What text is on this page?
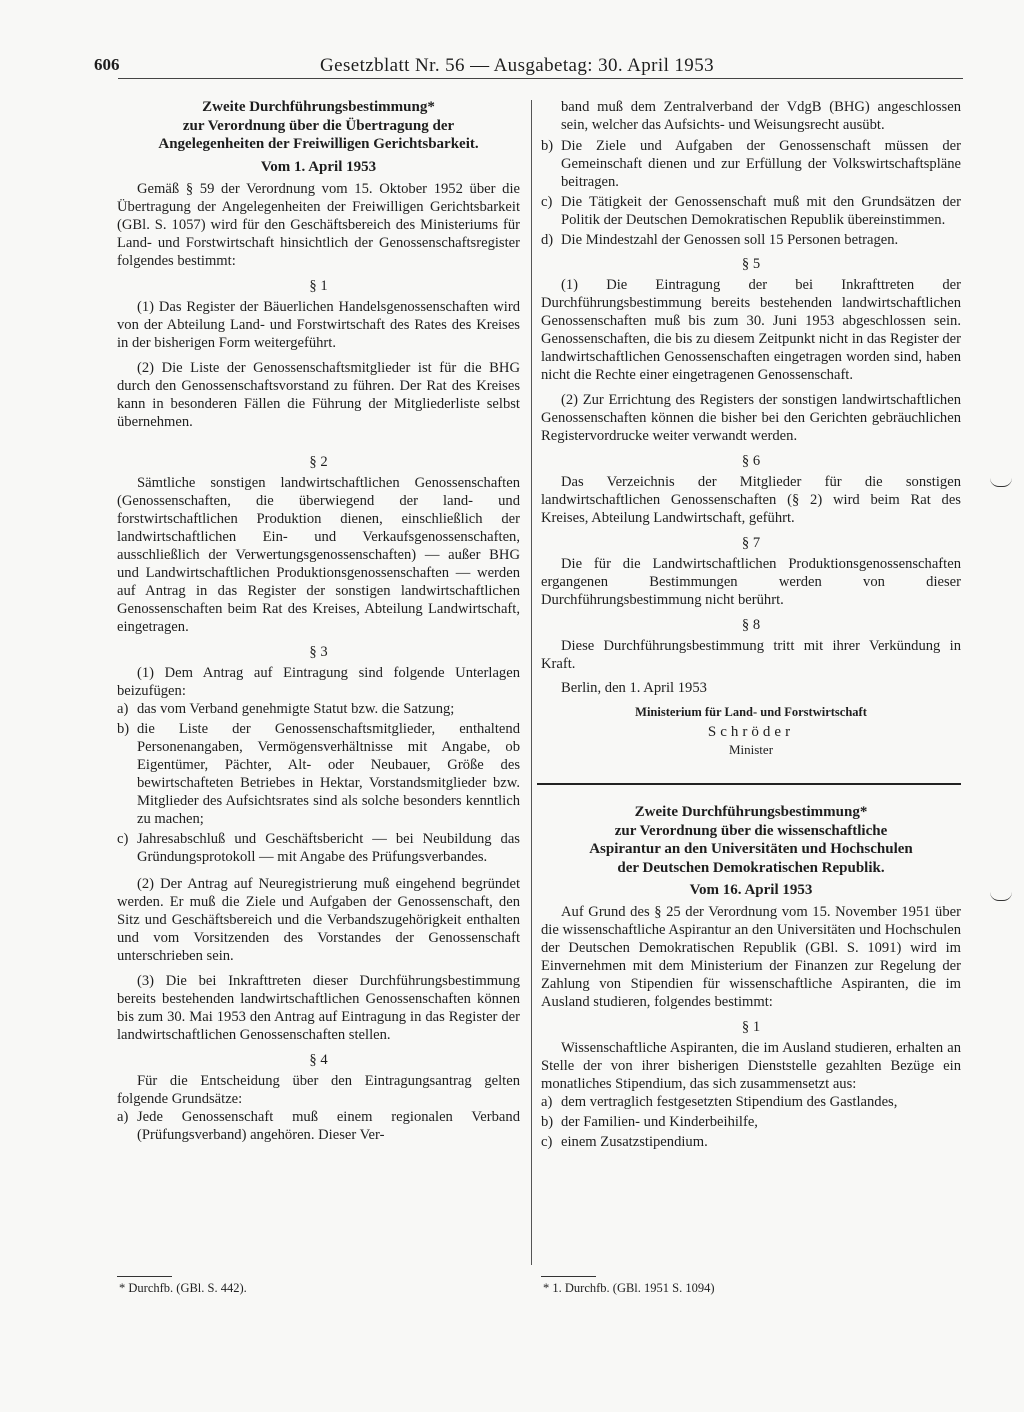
606	Gesetzblatt Nr. 56 — Ausgabetag: 30. April 1953
Zweite Durchführungsbestimmung*
zur Verordnung über die Übertragung der
Angelegenheiten der Freiwilligen Gerichtsbarkeit.
Vom 1. April 1953

Gemäß § 59 der Verordnung vom 15. Oktober 1952 über die Übertragung der Angelegenheiten der Freiwilligen Gerichtsbarkeit (GBl. S. 1057) wird für den Geschäftsbereich des Ministeriums für Land- und Forstwirtschaft hinsichtlich der Genossenschaftsregister folgendes bestimmt:

§ 1

(1) Das Register der Bäuerlichen Handelsgenossenschaften wird von der Abteilung Land- und Forstwirtschaft des Rates des Kreises in der bisherigen Form weitergeführt.

(2) Die Liste der Genossenschaftsmitglieder ist für die BHG durch den Genossenschaftsvorstand zu führen. Der Rat des Kreises kann in besonderen Fällen die Führung der Mitgliederliste selbst übernehmen.

§ 2

Sämtliche sonstigen landwirtschaftlichen Genossenschaften (Genossenschaften, die überwiegend der land- und forstwirtschaftlichen Produktion dienen, einschließlich der landwirtschaftlichen Ein- und Verkaufsgenossenschaften, ausschließlich der Verwertungsgenossenschaften) — außer BHG und Landwirtschaftlichen Produktionsgenossenschaften — werden auf Antrag in das Register der sonstigen landwirtschaftlichen Genossenschaften beim Rat des Kreises, Abteilung Landwirtschaft, eingetragen.

§ 3

(1) Dem Antrag auf Eintragung sind folgende Unterlagen beizufügen:

a) das vom Verband genehmigte Statut bzw. die Satzung;
b) die Liste der Genossenschaftsmitglieder, enthaltend Personenangaben, Vermögensverhältnisse mit Angabe, ob Eigentümer, Pächter, Alt- oder Neubauer, Größe des bewirtschafteten Betriebes in Hektar, Vorstandsmitglieder bzw. Mitglieder des Aufsichtsrates sind als solche besonders kenntlich zu machen;
c) Jahresabschluß und Geschäftsbericht — bei Neubildung das Gründungsprotokoll — mit Angabe des Prüfungsverbandes.

(2) Der Antrag auf Neuregistrierung muß eingehend begründet werden. Er muß die Ziele und Aufgaben der Genossenschaft, den Sitz und Geschäftsbereich und die Verbandszugehörigkeit enthalten und vom Vorsitzenden des Vorstandes der Genossenschaft unterschrieben sein.

(3) Die bei Inkrafttreten dieser Durchführungsbestimmung bereits bestehenden landwirtschaftlichen Genossenschaften können bis zum 30. Mai 1953 den Antrag auf Eintragung in das Register der landwirtschaftlichen Genossenschaften stellen.

§ 4

Für die Entscheidung über den Eintragungsantrag gelten folgende Grundsätze:

a) Jede Genossenschaft muß einem regionalen Verband (Prüfungsverband) angehören. Dieser Ver-
* Durchfb. (GBl. S. 442).
band muß dem Zentralverband der VdgB (BHG) angeschlossen sein, welcher das Aufsichts- und Weisungsrecht ausübt.
b) Die Ziele und Aufgaben der Genossenschaft müssen der Gemeinschaft dienen und zur Erfüllung der Volkswirtschaftspläne beitragen.
c) Die Tätigkeit der Genossenschaft muß mit den Grundsätzen der Politik der Deutschen Demokratischen Republik übereinstimmen.
d) Die Mindestzahl der Genossen soll 15 Personen betragen.
§ 5

(1) Die Eintragung der bei Inkrafttreten der Durchführungsbestimmung bereits bestehenden landwirtschaftlichen Genossenschaften muß bis zum 30. Juni 1953 abgeschlossen sein. Genossenschaften, die bis zu diesem Zeitpunkt nicht in das Register der landwirtschaftlichen Genossenschaften eingetragen worden sind, haben nicht die Rechte einer eingetragenen Genossenschaft.

(2) Zur Errichtung des Registers der sonstigen landwirtschaftlichen Genossenschaften können die bisher bei den Gerichten gebräuchlichen Registervordrucke weiter verwandt werden.

§ 6

Das Verzeichnis der Mitglieder für die sonstigen landwirtschaftlichen Genossenschaften (§ 2) wird beim Rat des Kreises, Abteilung Landwirtschaft, geführt.

§ 7

Die für die Landwirtschaftlichen Produktionsgenossenschaften ergangenen Bestimmungen werden von dieser Durchführungsbestimmung nicht berührt.

§ 8

Diese Durchführungsbestimmung tritt mit ihrer Verkündung in Kraft.

Berlin, den 1. April 1953
Ministerium für Land- und Forstwirtschaft
Schröder
Minister
Zweite Durchführungsbestimmung*
zur Verordnung über die wissenschaftliche
Aspirantur an den Universitäten und Hochschulen
der Deutschen Demokratischen Republik.
Vom 16. April 1953

Auf Grund des § 25 der Verordnung vom 15. November 1951 über die wissenschaftliche Aspirantur an den Universitäten und Hochschulen der Deutschen Demokratischen Republik (GBl. S. 1091) wird im Einvernehmen mit dem Ministerium der Finanzen zur Regelung der Zahlung von Stipendien für wissenschaftliche Aspiranten, die im Ausland studieren, folgendes bestimmt:

§ 1

Wissenschaftliche Aspiranten, die im Ausland studieren, erhalten an Stelle der von ihrer bisherigen Dienststelle gezahlten Bezüge ein monatliches Stipendium, das sich zusammensetzt aus:

a) dem vertraglich festgesetzten Stipendium des Gastlandes,
b) der Familien- und Kinderbeihilfe,
c) einem Zusatzstipendium.
* 1. Durchfb. (GBl. 1951 S. 1094)
